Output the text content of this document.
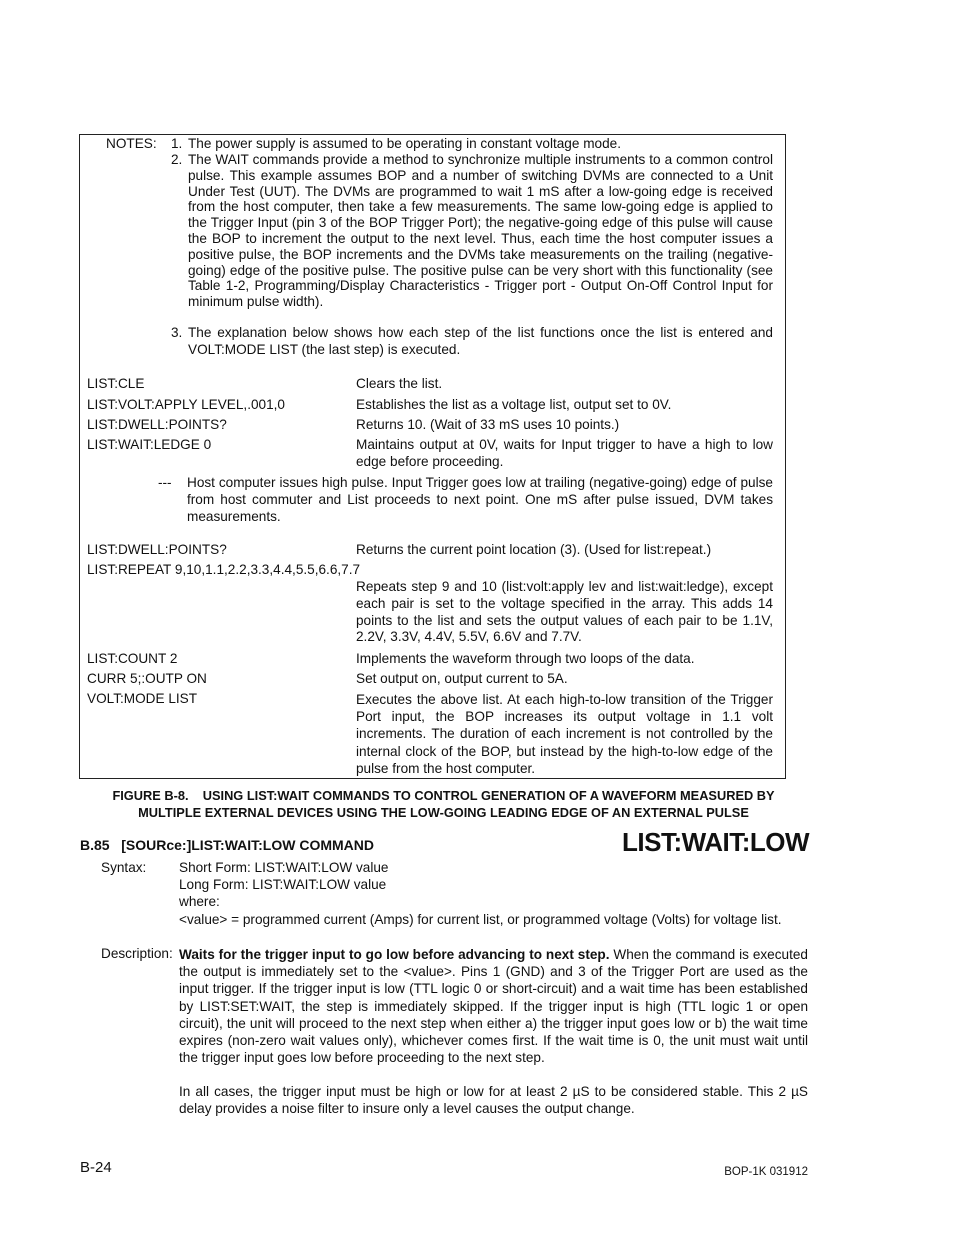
NOTES: 1. The power supply is assumed to be operating in constant voltage mode.
2. The WAIT commands provide a method to synchronize multiple instruments to a common control pulse. This example assumes BOP and a number of switching DVMs are connected to a Unit Under Test (UUT). The DVMs are programmed to wait 1 mS after a low-going edge is received from the host computer, then take a few measurements. The same low-going edge is applied to the Trigger Input (pin 3 of the BOP Trigger Port); the negative-going edge of this pulse will cause the BOP to increment the output to the next level. Thus, each time the host computer issues a positive pulse, the BOP increments and the DVMs take measurements on the trailing (negative-going) edge of the positive pulse. The positive pulse can be very short with this functionality (see Table 1-2, Programming/Display Characteristics - Trigger port - Output On-Off Control Input for minimum pulse width).
3. The explanation below shows how each step of the list functions once the list is entered and VOLT:MODE LIST (the last step) is executed.
LIST:CLE	Clears the list.
LIST:VOLT:APPLY LEVEL,.001,0	Establishes the list as a voltage list, output set to 0V.
LIST:DWELL:POINTS?	Returns 10. (Wait of 33 mS uses 10 points.)
LIST:WAIT:LEDGE 0	Maintains output at 0V, waits for Input trigger to have a high to low edge before proceeding.
--- Host computer issues high pulse. Input Trigger goes low at trailing (negative-going) edge of pulse from host commuter and List proceeds to next point. One mS after pulse issued, DVM takes measurements.
LIST:DWELL:POINTS?	Returns the current point location (3). (Used for list:repeat.)
LIST:REPEAT 9,10,1.1,2.2,3.3,4.4,5.5,6.6,7.7
Repeats step 9 and 10 (list:volt:apply lev and list:wait:ledge), except each pair is set to the voltage specified in the array. This adds 14 points to the list and sets the output values of each pair to be 1.1V, 2.2V, 3.3V, 4.4V, 5.5V, 6.6V and 7.7V.
LIST:COUNT 2	Implements the waveform through two loops of the data.
CURR 5;:OUTP ON	Set output on, output current to 5A.
VOLT:MODE LIST	Executes the above list. At each high-to-low transition of the Trigger Port input, the BOP increases its output voltage in 1.1 volt increments. The duration of each increment is not controlled by the internal clock of the BOP, but instead by the high-to-low edge of the pulse from the host computer.
FIGURE B-8.    USING LIST:WAIT COMMANDS TO CONTROL GENERATION OF A WAVEFORM MEASURED BY
MULTIPLE EXTERNAL DEVICES USING THE LOW-GOING LEADING EDGE OF AN EXTERNAL PULSE
B.85   [SOURce:]LIST:WAIT:LOW COMMAND	LIST:WAIT:LOW
Syntax: Short Form: LIST:WAIT:LOW value
Long Form: LIST:WAIT:LOW value
where:
<value> = programmed current (Amps) for current list, or programmed voltage (Volts) for voltage list.
Description: Waits for the trigger input to go low before advancing to next step. When the command is executed the output is immediately set to the <value>. Pins 1 (GND) and 3 of the Trigger Port are used as the input trigger. If the trigger input is low (TTL logic 0 or short-circuit) and a wait time has been established by LIST:SET:WAIT, the step is immediately skipped. If the trigger input is high (TTL logic 1 or open circuit), the unit will proceed to the next step when either a) the trigger input goes low or b) the wait time expires (non-zero wait values only), whichever comes first. If the wait time is 0, the unit must wait until the trigger input goes low before proceeding to the next step.
In all cases, the trigger input must be high or low for at least 2 µS to be considered stable. This 2 µS delay provides a noise filter to insure only a level causes the output change.
B-24	BOP-1K 031912
